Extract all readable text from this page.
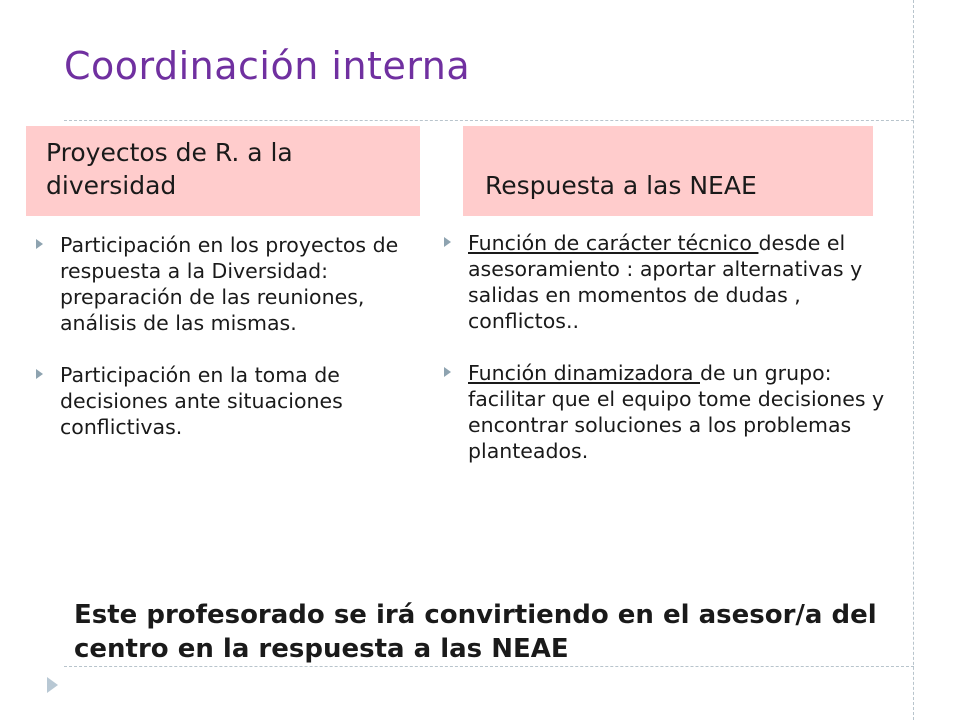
Coordinación interna
Proyectos de R. a la diversidad	Respuesta a las NEAE
Participación en los proyectos de respuesta a la Diversidad: preparación de las reuniones, análisis de las mismas.
Participación en la toma de decisiones ante situaciones conflictivas.
Función de carácter técnico desde el asesoramiento : aportar alternativas y salidas en momentos de dudas , conflictos..
Función dinamizadora de un grupo: facilitar que el equipo tome decisiones y encontrar soluciones a los problemas planteados.
Este profesorado se irá convirtiendo en el asesor/a del centro en la respuesta a las NEAE
